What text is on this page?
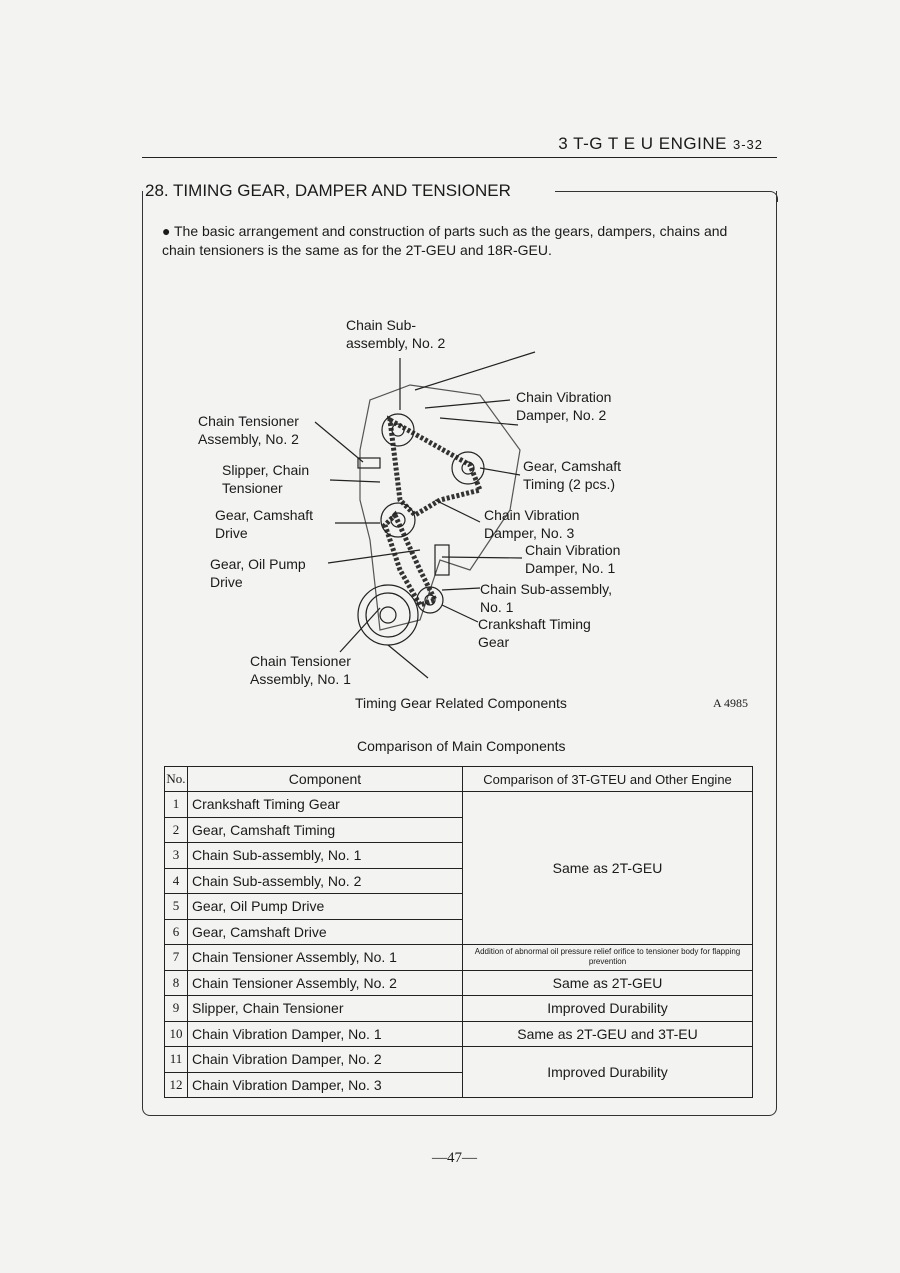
3 T-G T E U ENGINE 3-32
28. TIMING GEAR, DAMPER AND TENSIONER
● The basic arrangement and construction of parts such as the gears, dampers, chains and chain tensioners is the same as for the 2T-GEU and 18R-GEU.
Chain Sub-
assembly, No. 2
Chain Vibration
Damper, No. 2
Chain Tensioner
Assembly, No. 2
Slipper, Chain
Tensioner
Gear, Camshaft
Timing (2 pcs.)
Gear, Camshaft
Drive
Chain Vibration
Damper, No. 3
Chain Vibration
Damper, No. 1
Gear, Oil Pump
Drive	Chain Sub-assembly,
No. 1
Crankshaft Timing
Gear
Chain Tensioner
Assembly, No. 1
Timing Gear Related Components	A 4985
Comparison of Main Components
No.	Component	Comparison of 3T-GTEU and Other Engine
1	Crankshaft Timing Gear	Same as 2T-GEU
2	Gear, Camshaft Timing	
3	Chain Sub-assembly, No. 1	
4	Chain Sub-assembly, No. 2	
5	Gear, Oil Pump Drive	
6	Gear, Camshaft Drive	
7	Chain Tensioner Assembly, No. 1	Addition of abnormal oil pressure relief orifice to tensioner body for flapping prevention
8	Chain Tensioner Assembly, No. 2	Same as 2T-GEU
9	Slipper, Chain Tensioner	Improved Durability
10	Chain Vibration Damper, No. 1	Same as 2T-GEU and 3T-EU
11	Chain Vibration Damper, No. 2	Improved Durability
12	Chain Vibration Damper, No. 3	
—47—
